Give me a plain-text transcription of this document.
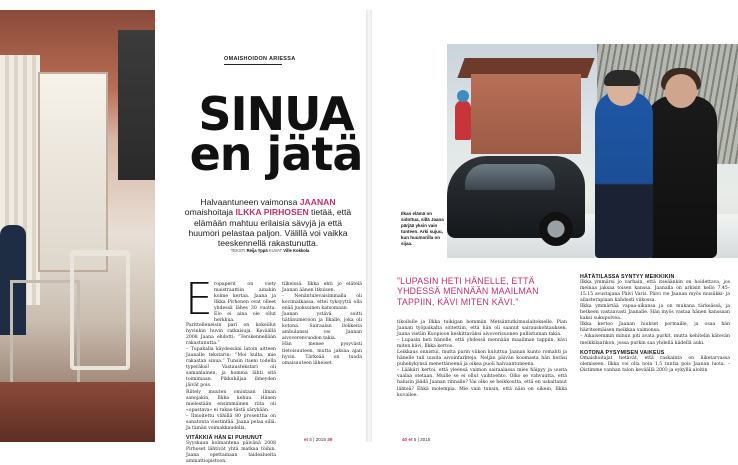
OMAISHOIDON ARIESSA
SINUA
en jätä

Halvaantuneen vaimonsa JAANAN omaishoitaja ILKKA PIRHOSEN tietää, että elämään mahtuu erilaisia sävyjä ja että huumori pelastaa paljon. Välillä voi vaikka teeskennellä rakastunutta.

TEKSTI Reija Yppä KUVAT Ville Kokkola
E ropaperit on viety maistraattiin ainakin kolme kertaa. Jaana ja Ilkka Pirhonen ovat olleet yhdessä lähes 30 vuotta. Elo ei aina ole ollut herkkua.

Parittelleneisin pari on kokeillut hyvinkin huvin ratkaisuja. Keväällä 2008 Jaana ehdotti: ”Terskennellään rakastunutta.”

– Tupakalla käydessäni latoin aitteen Jaanalle tekstarin: ”Moi kulta, mie rakastan sinua.” Tunsin itseni todella typeräksi! Vastaustekstari oli samanlainen, ja homma lähti sitä toimimaan. Pikkuhiljaa ilmeyden jäivät pois.

Riitely muuten omintaan ilman sanojakin, Ilkka kehuu. Hänen mielestään ensimmäinen riita oli «opastava» ei rakas-tästä särykään.

– Ilmoitettu vähillä 80 prosenttia on sanatonta viestintää. Jaana pelaa sillä. Ja tämän voimakkaudella.

VITÄKKIÄ HÄN EI PUHUNUT

Syyskuun kolmantena päivänä 2008 Pirhoset lähtivät yhtä matkaa töihin. Jaana opettamaan taidealueita ammattiopistoon.

tilkeissä. Ilkka ehti jo elätelä Jaanan äänen itkuisen.

– Nenäntulevaisimmalla oli kovimatkassa, ettei tyksyyttä olla enää juoksuinen katsomaan.

Jaanan ystävä soitti hätänumeroon ja Ilkalle, joka oli kotona. Sairaalan ilokkeita ambulanssi vei Jaanan aivoverenvuodon takia.

Hän menee pysyvästi tietoisuuteen, mutta jaksaa ajan hyvin. Tärkeää on tuoda omaisuuteen läheiset.

et 5 | 2015 39

Ilkan elämä on sidottua, sillä Jaana pärjää yksin vain tunteen. Arki sujuu, kun huumorilla on sijaa.

”LUPASIN HETI HÄNELLE, ETTÄ YHDESSÄ MENNÄÄN MAAILMAN TAPPIIN, KÄVI MITEN KÄVI.”

tikoilulle ja Ilkka tuikigan hommiin Metsäntutkimuslaitokselle. Pian Jaanan työpaikalta soitettiin, että hän oli saanut sairauskohtauksen. Jaana vietiin Kuopioon keskittaväksi aivoverisuonen pullistuman takia.

– Lupasin heti hänelle, että yhdessä mennään maailman tappiin, kävi miten kävi, Ilkka kertoo.

Leikkaus onnistui, mutta parin viikon kuluttua Jaanan kunto romahti ja hänelle tuli uusita aivoinfarkteja. Neljän päivän koomasta hän heräsi puhekykynsä menettäneenä ja oikea puoli halvaantuneena.

– Lääkäri kertoi, että yleensä vaimon sairaalassa mies häipyy ja uusta vaalaa otetaan. Muille se ei ollut vaihtoehto. Olko se vahvuutta, että halusin jäädä Jaanan rinnalle? Vai olko se heikkoutta, että en uskaltanut lähteä? Ehkä molempia. Mie vain tunsin, että näin on oikein, Ilkka kuvailee.

HÄTÄTILASSA SYNTYY MEIKKIKIN

Ilkka ymmärsi jo varhain, että itseäänkin on hoidettava, jos meinaa jaksaa toisen kanssa. Jaanalla on arkisin kello 7.45–15.15 avustajana Päivi Varis. Päivi vie Jaanan myös musiikki- ja allasterapiaan kahdesti viikossa.

Ilkka ymmärtää vapaa-aikansa ja on mukana tärkeässä, ja hetkeen vastaavasti Jaanalle. Hän myös vastaa hänen kanssaan kaksi sukupolvea.

Ilkka kertoo Jaanan hiukset pormaille, ja osaa hän häiritsemäisen meikkaa vaimonsa.

– Aikaisemmin minun piti avata purkit, mutta kehitelin kätevän meikkilaatikon, jossa purkin saa yhdellä kädellä auki.

KOTONA PYSYMISEN VAIKEUS

Omaishoitajat tietävät, että raskainta on liiketarvassa olemiseen. Ilkka voi olla noin 1,5 tuntia pois Jaanan luota. – Oistimme vanhan talon keväällä 2003 ja eykyllä aloitin

40 et 5 | 2015
